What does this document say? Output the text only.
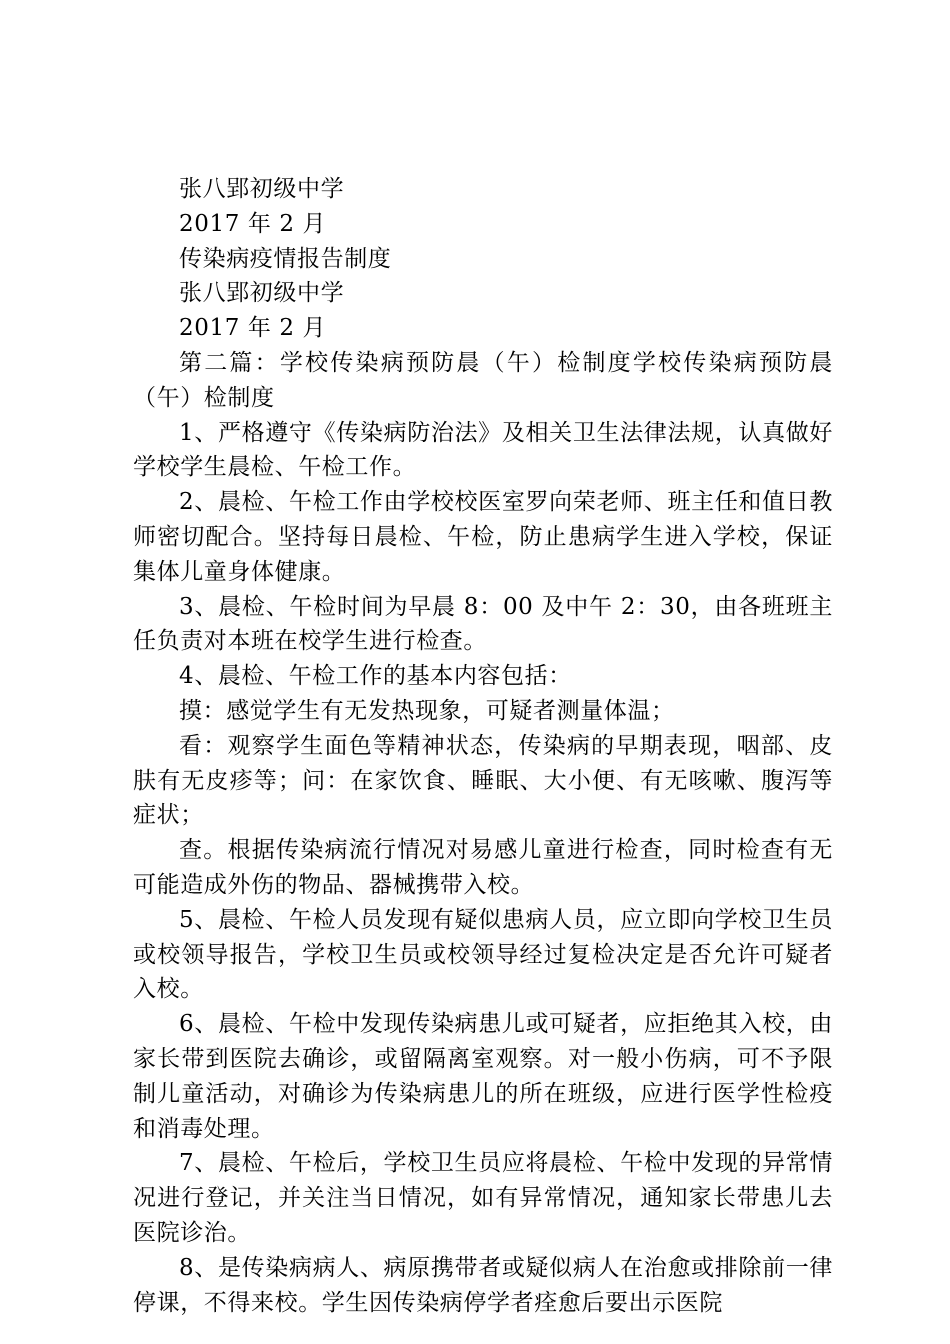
张八郢初级中学

2017 年 2 月

传染病疫情报告制度

张八郢初级中学

2017 年 2 月

第二篇：学校传染病预防晨（午）检制度学校传染病预防晨（午）检制度

1、严格遵守《传染病防治法》及相关卫生法律法规，认真做好学校学生晨检、午检工作。

2、晨检、午检工作由学校校医室罗向荣老师、班主任和值日教师密切配合。坚持每日晨检、午检，防止患病学生进入学校，保证集体儿童身体健康。

3、晨检、午检时间为早晨 8：00 及中午 2：30，由各班班主任负责对本班在校学生进行检查。

4、晨检、午检工作的基本内容包括：

摸：感觉学生有无发热现象，可疑者测量体温；

看：观察学生面色等精神状态，传染病的早期表现，咽部、皮肤有无皮疹等；问：在家饮食、睡眠、大小便、有无咳嗽、腹泻等症状；

查。根据传染病流行情况对易感儿童进行检查，同时检查有无可能造成外伤的物品、器械携带入校。

5、晨检、午检人员发现有疑似患病人员，应立即向学校卫生员或校领导报告，学校卫生员或校领导经过复检决定是否允许可疑者入校。

6、晨检、午检中发现传染病患儿或可疑者，应拒绝其入校，由家长带到医院去确诊，或留隔离室观察。对一般小伤病，可不予限制儿童活动，对确诊为传染病患儿的所在班级，应进行医学性检疫和消毒处理。

7、晨检、午检后，学校卫生员应将晨检、午检中发现的异常情况进行登记，并关注当日情况，如有异常情况，通知家长带患儿去医院诊治。

8、是传染病病人、病原携带者或疑似病人在治愈或排除前一律停课，不得来校。学生因传染病停学者痊愈后要出示医院
